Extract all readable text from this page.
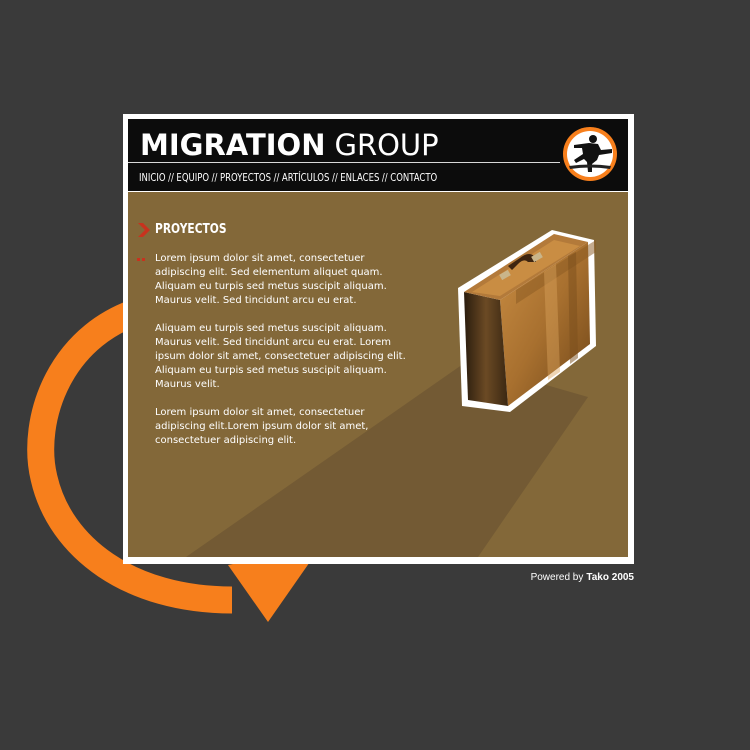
MIGRATION GROUP
INICIO // EQUIPO // PROYECTOS // ARTÍCULOS // ENLACES // CONTACTO
PROYECTOS

Lorem ipsum dolor sit amet, consectetuer adipiscing elit. Sed elementum aliquet quam. Aliquam eu turpis sed metus suscipit aliquam. Maurus velit. Sed tincidunt arcu eu erat.

Aliquam eu turpis sed metus suscipit aliquam. Maurus velit. Sed tincidunt arcu eu erat. Lorem ipsum dolor sit amet, consectetuer adipiscing elit. Aliquam eu turpis sed metus suscipit aliquam. Maurus velit.

Lorem ipsum dolor sit amet, consectetuer adipiscing elit.Lorem ipsum dolor sit amet, consectetuer adipiscing elit.

Powered by Tako 2005
